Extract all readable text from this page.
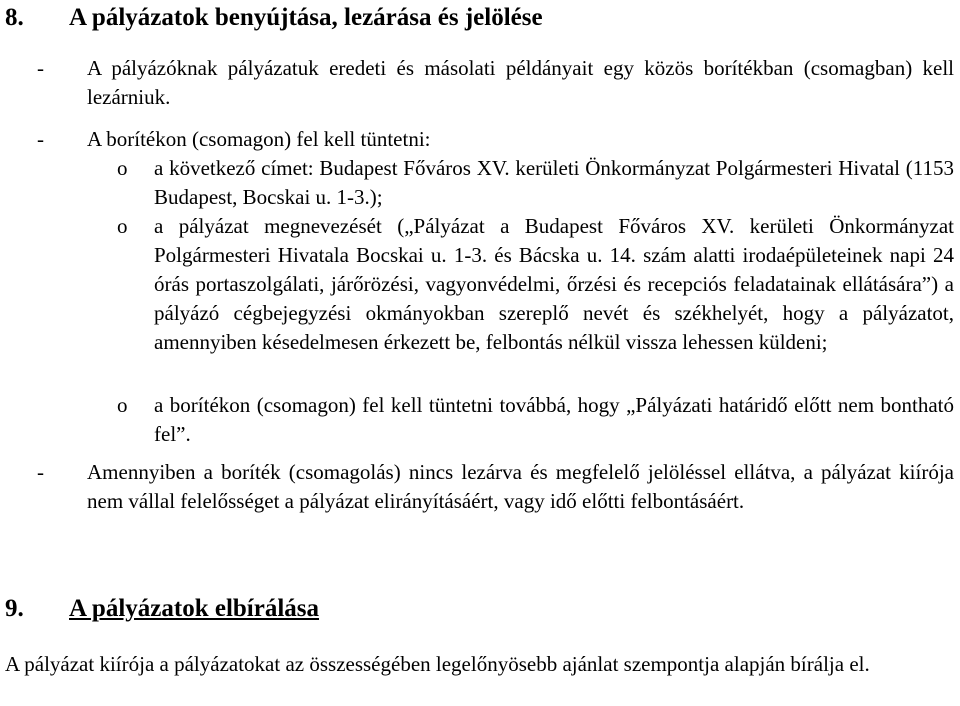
8. A pályázatok benyújtása, lezárása és jelölése
- A pályázóknak pályázatuk eredeti és másolati példányait egy közös borítékban (csomagban) kell lezárniuk.
- A borítékon (csomagon) fel kell tüntetni:
o a következő címet: Budapest Főváros XV. kerületi Önkormányzat Polgármesteri Hivatal (1153 Budapest, Bocskai u. 1-3.);
o a pályázat megnevezését („Pályázat a Budapest Főváros XV. kerületi Önkormányzat Polgármesteri Hivatala Bocskai u. 1-3. és Bácska u. 14. szám alatti irodaépületeinek napi 24 órás portaszolgálati, járőrözési, vagyonvédelmi, őrzési és recepciós feladatainak ellátására”) a pályázó cégbejegyzési okmányokban szereplő nevét és székhelyét, hogy a pályázatot, amennyiben késedelmesen érkezett be, felbontás nélkül vissza lehessen küldeni;
o a borítékon (csomagon) fel kell tüntetni továbbá, hogy „Pályázati határidő előtt nem bontható fel”.
- Amennyiben a boríték (csomagolás) nincs lezárva és megfelelő jelöléssel ellátva, a pályázat kiírója nem vállal felelősséget a pályázat elirányításáért, vagy idő előtti felbontásáért.
9. A pályázatok elbírálása
A pályázat kiírója a pályázatokat az összességében legelőnyösebb ajánlat szempontja alapján bírálja el.
